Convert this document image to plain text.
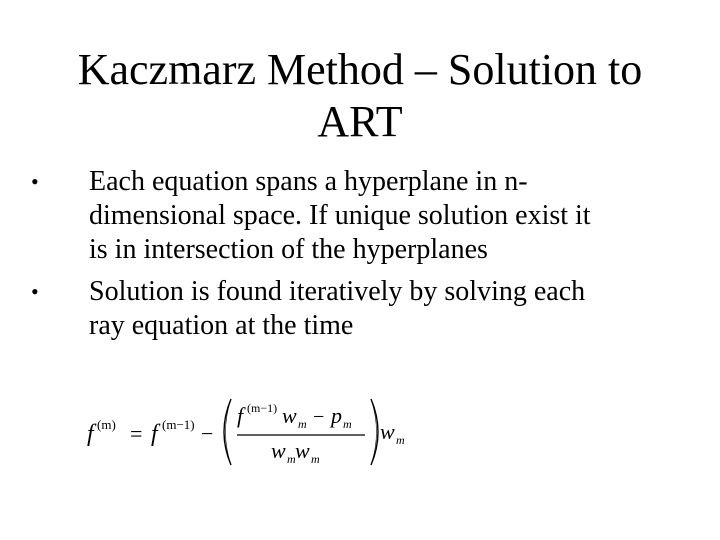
Kaczmarz Method – Solution to
ART
• Each equation spans a hyperplane in n-
dimensional space. If unique solution exist it
is in intersection of the hyperplanes
• Solution is found iteratively by solving each
ray equation at the time
f (m) = f (m−1) −
f (m−1) w m − p m
w m w m
w m
